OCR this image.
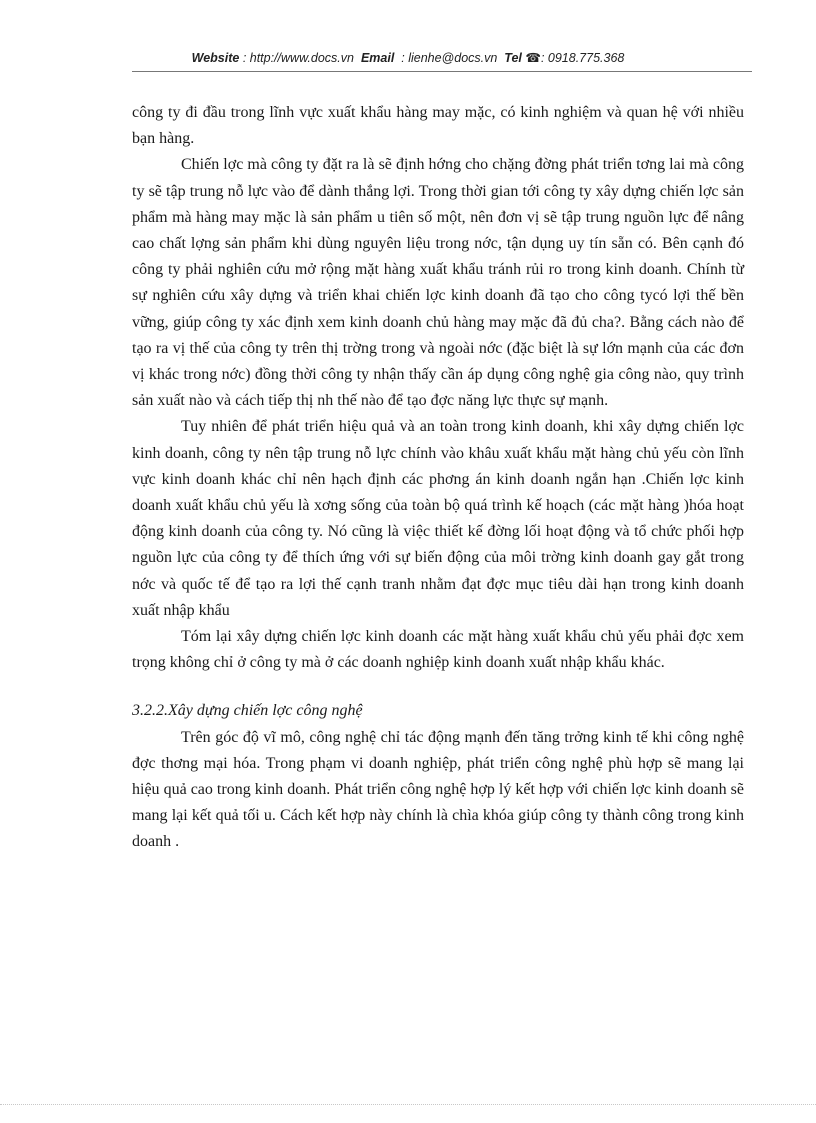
Website : http://www.docs.vn Email : lienhe@docs.vn Tel ☎: 0918.775.368

công ty đi đầu trong lĩnh vực xuất khẩu hàng may mặc, có kinh nghiệm và quan hệ với nhiều bạn hàng.

Chiến lợc mà công ty đặt ra là sẽ định hớng cho chặng đờng phát triển tơng lai mà công ty sẽ tập trung nỗ lực vào để dành thắng lợi. Trong thời gian tới công ty xây dựng chiến lợc sản phẩm mà hàng may mặc là sản phẩm u tiên số một, nên đơn vị sẽ tập trung nguồn lực để nâng cao chất lợng sản phẩm khi dùng nguyên liệu trong nớc, tận dụng uy tín sẵn có. Bên cạnh đó công ty phải nghiên cứu mở rộng mặt hàng xuất khẩu tránh rủi ro trong kinh doanh. Chính từ sự nghiên cứu xây dựng và triển khai chiến lợc kinh doanh đã tạo cho công tycó lợi thế bền vững, giúp công ty xác định xem kinh doanh chủ hàng may mặc đã đủ cha?. Bằng cách nào để tạo ra vị thế của công ty trên thị trờng trong và ngoài nớc (đặc biệt là sự lớn mạnh của các đơn vị khác trong nớc) đồng thời công ty nhận thấy cần áp dụng công nghệ gia công nào, quy trình sản xuất nào và cách tiếp thị nh thế nào để tạo đợc năng lực thực sự mạnh.

Tuy nhiên để phát triển hiệu quả và an toàn trong kinh doanh, khi xây dựng chiến lợc kinh doanh, công ty nên tập trung nỗ lực chính vào khâu xuất khẩu mặt hàng chủ yếu còn lĩnh vực kinh doanh khác chỉ nên hạch định các phơng án kinh doanh ngắn hạn .Chiến lợc kinh doanh xuất khẩu chủ yếu là xơng sống của toàn bộ quá trình kế hoạch (các mặt hàng )hóa hoạt động kinh doanh của công ty. Nó cũng là việc thiết kế đờng lối hoạt động và tổ chức phối hợp nguồn lực của công ty để thích ứng với sự biến động của môi trờng kinh doanh gay gắt trong nớc và quốc tế để tạo ra lợi thế cạnh tranh nhằm đạt đợc mục tiêu dài hạn trong kinh doanh xuất nhập khẩu

Tóm lại xây dựng chiến lợc kinh doanh các mặt hàng xuất khẩu chủ yếu phải đợc xem trọng không chỉ ở công ty mà ở các doanh nghiệp kinh doanh xuất nhập khẩu khác.

3.2.2.Xây dựng chiến lợc công nghệ

Trên góc độ vĩ mô, công nghệ chỉ tác động mạnh đến tăng trởng kinh tế khi công nghệ đợc thơng mại hóa. Trong phạm vi doanh nghiệp, phát triển công nghệ phù hợp sẽ mang lại hiệu quả cao trong kinh doanh. Phát triển công nghệ hợp lý kết hợp với chiến lợc kinh doanh sẽ mang lại kết quả tối u. Cách kết hợp này chính là chìa khóa giúp công ty thành công trong kinh doanh .
